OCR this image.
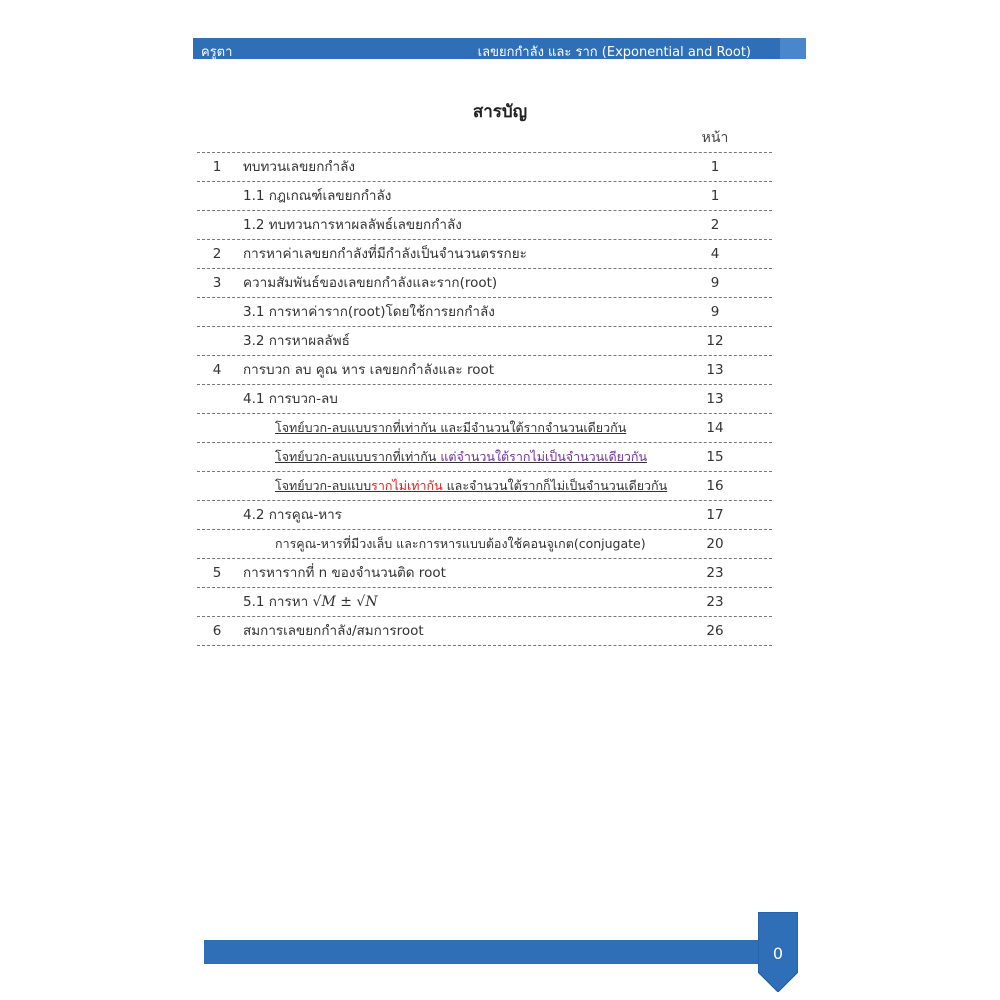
ครูตา	เลขยกกำลัง และ ราก (Exponential and Root)
สารบัญ
หน้า
1	ทบทวนเลขยกกำลัง	1
1.1 กฎเกณฑ์เลขยกกำลัง	1
1.2 ทบทวนการหาผลลัพธ์เลขยกกำลัง	2
2	การหาค่าเลขยกกำลังที่มีกำลังเป็นจำนวนตรรกยะ	4
3	ความสัมพันธ์ของเลขยกกำลังและราก(root)	9
3.1 การหาค่าราก(root)โดยใช้การยกกำลัง	9
3.2 การหาผลลัพธ์	12
4	การบวก ลบ คูณ หาร เลขยกกำลังและ root	13
4.1 การบวก-ลบ	13
โจทย์บวก-ลบแบบรากที่เท่ากัน และมีจำนวนใต้รากจำนวนเดียวกัน	14
โจทย์บวก-ลบแบบรากที่เท่ากัน แต่จำนวนใต้รากไม่เป็นจำนวนเดียวกัน	15
โจทย์บวก-ลบแบบรากไม่เท่ากัน และจำนวนใต้รากก็ไม่เป็นจำนวนเดียวกัน	16
4.2 การคูณ-หาร	17
การคูณ-หารที่มีวงเล็บ และการหารแบบต้องใช้คอนจูเกต(conjugate)	20
5	การหารากที่ n ของจำนวนติด root	23
5.1 การหา √M ± √N	23
6	สมการเลขยกกำลัง/สมการroot	26
0
